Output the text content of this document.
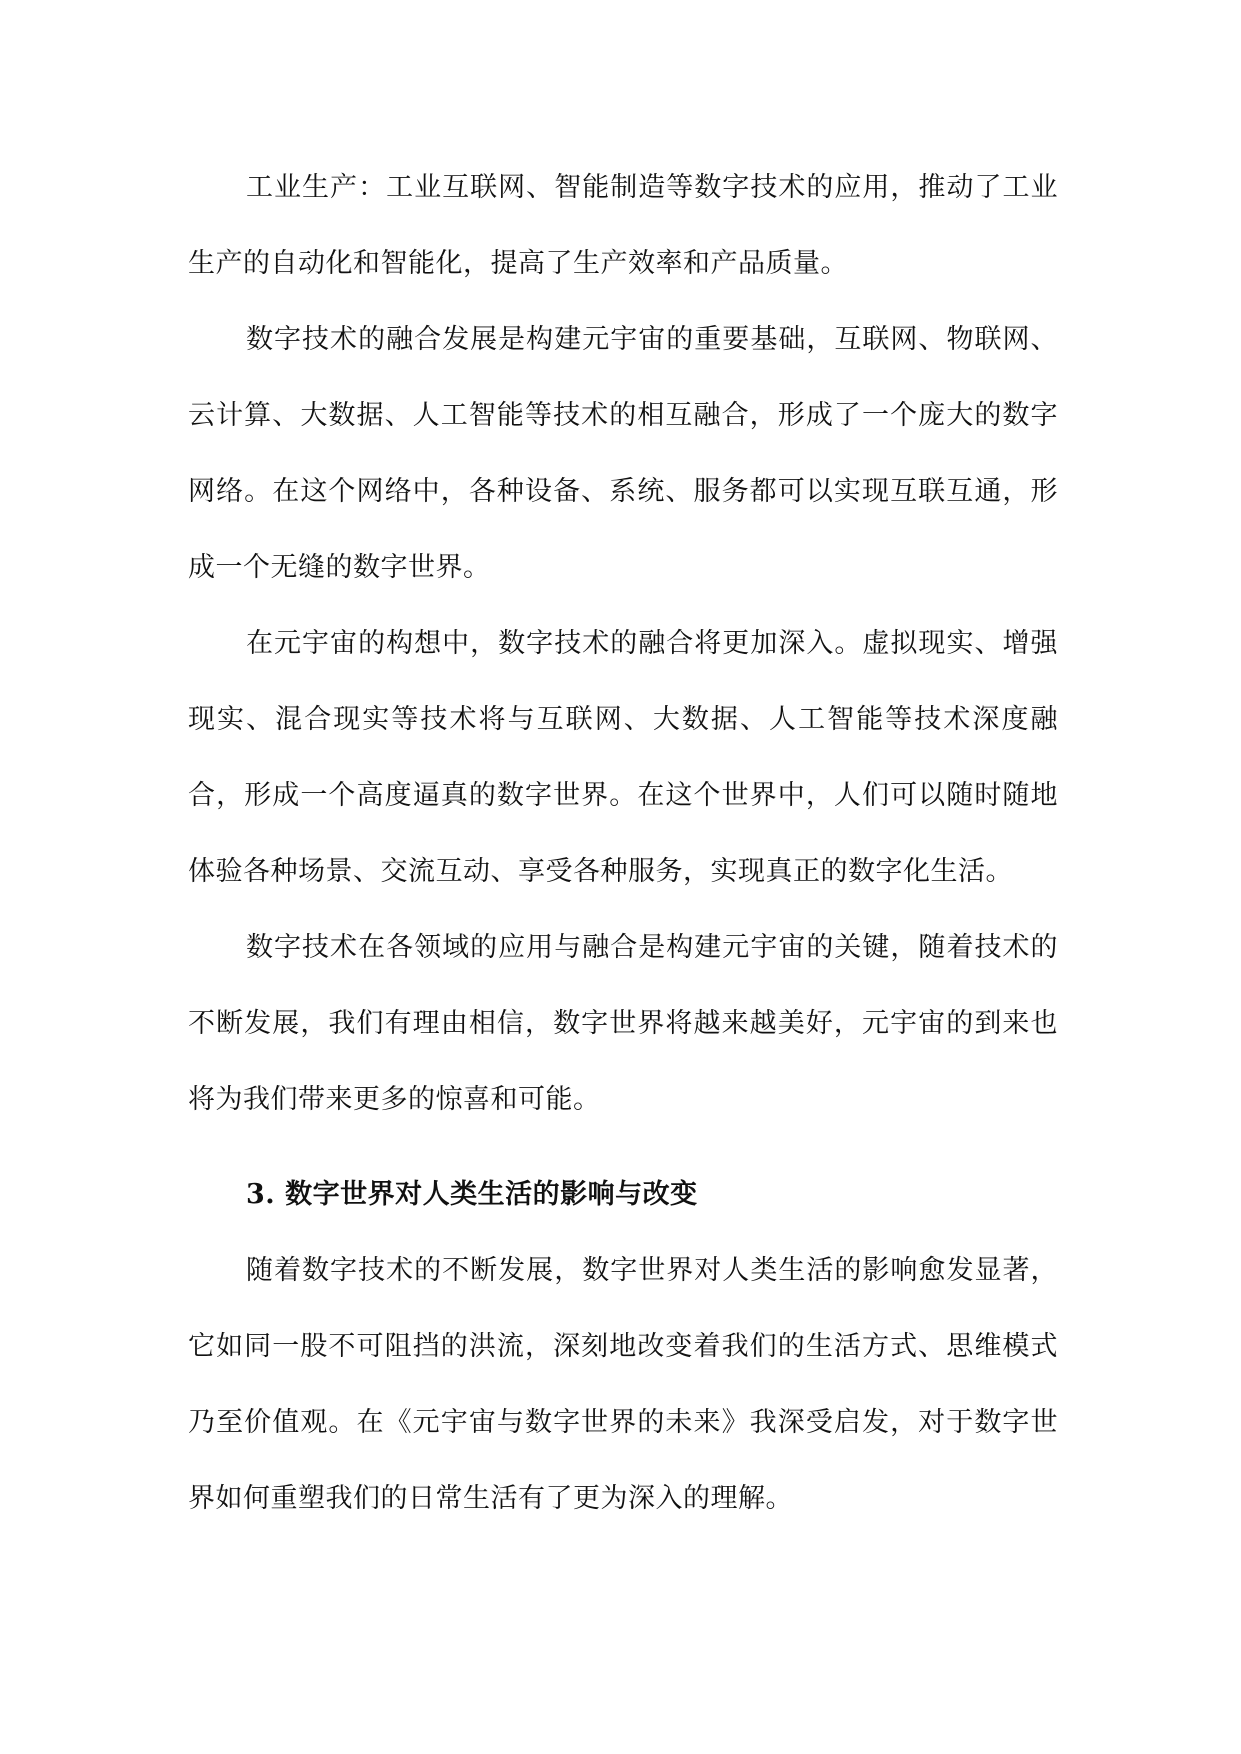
工业生产：工业互联网、智能制造等数字技术的应用，推动了工业生产的自动化和智能化，提高了生产效率和产品质量。

数字技术的融合发展是构建元宇宙的重要基础，互联网、物联网、云计算、大数据、人工智能等技术的相互融合，形成了一个庞大的数字网络。在这个网络中，各种设备、系统、服务都可以实现互联互通，形成一个无缝的数字世界。

在元宇宙的构想中，数字技术的融合将更加深入。虚拟现实、增强现实、混合现实等技术将与互联网、大数据、人工智能等技术深度融合，形成一个高度逼真的数字世界。在这个世界中，人们可以随时随地体验各种场景、交流互动、享受各种服务，实现真正的数字化生活。

数字技术在各领域的应用与融合是构建元宇宙的关键，随着技术的不断发展，我们有理由相信，数字世界将越来越美好，元宇宙的到来也将为我们带来更多的惊喜和可能。

3. 数字世界对人类生活的影响与改变

随着数字技术的不断发展，数字世界对人类生活的影响愈发显著，它如同一股不可阻挡的洪流，深刻地改变着我们的生活方式、思维模式乃至价值观。在《元宇宙与数字世界的未来》我深受启发，对于数字世界如何重塑我们的日常生活有了更为深入的理解。
